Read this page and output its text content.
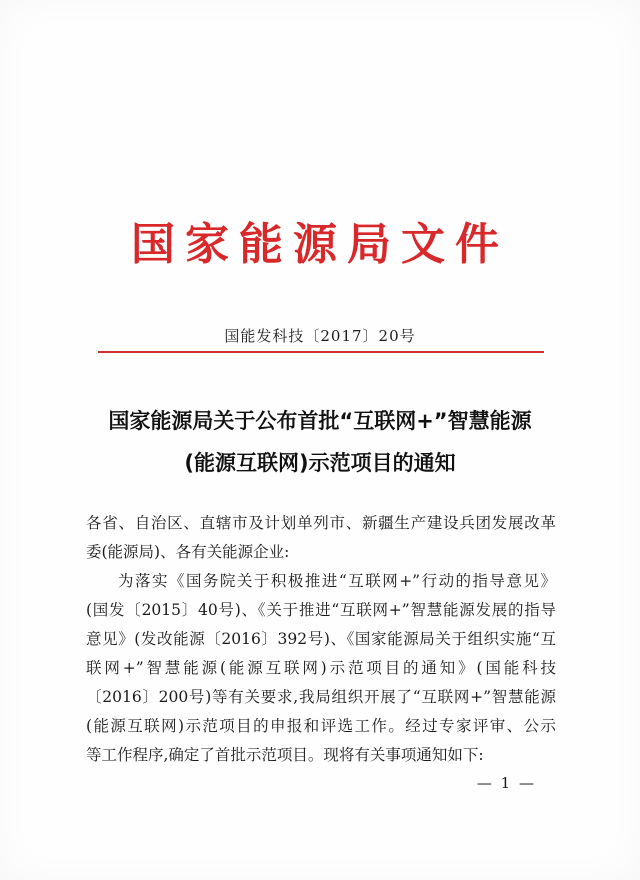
国家能源局文件
国能发科技〔2017〕20号
国家能源局关于公布首批“互联网+”智慧能源
(能源互联网)示范项目的通知
各省、自治区、直辖市及计划单列市、新疆生产建设兵团发展改革
委(能源局)、各有关能源企业:
为落实《国务院关于积极推进“互联网+”行动的指导意见》
(国发〔2015〕40号)、《关于推进“互联网+”智慧能源发展的指导
意见》(发改能源〔2016〕392号)、《国家能源局关于组织实施“互
联网+”智慧能源(能源互联网)示范项目的通知》(国能科技
〔2016〕200号)等有关要求,我局组织开展了“互联网+”智慧能源
(能源互联网)示范项目的申报和评选工作。经过专家评审、公示
等工作程序,确定了首批示范项目。现将有关事项通知如下:
— 1 —
